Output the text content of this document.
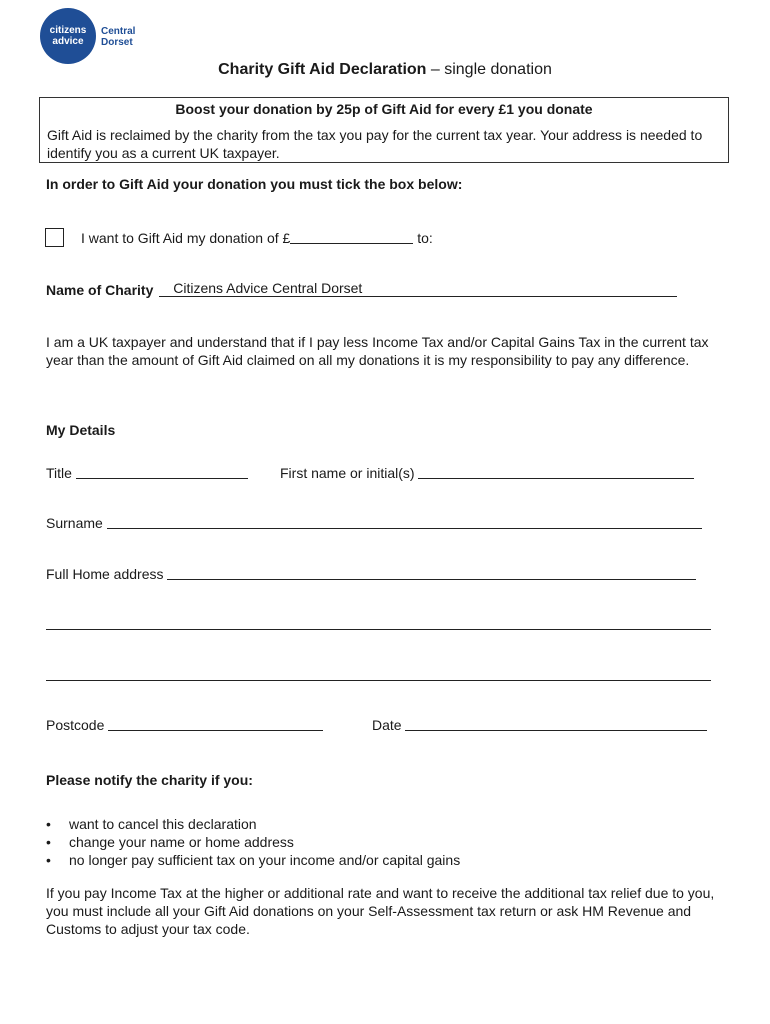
citizens
advice
Central
Dorset
Charity Gift Aid Declaration – single donation
Boost your donation by 25p of Gift Aid for every £1 you donate
Gift Aid is reclaimed by the charity from the tax you pay for the current tax year. Your address is needed to identify you as a current UK taxpayer.
In order to Gift Aid your donation you must tick the box below:
I want to Gift Aid my donation of £	to:
Name of Charity Citizens Advice Central Dorset
I am a UK taxpayer and understand that if I pay less Income Tax and/or Capital Gains Tax in the current tax year than the amount of Gift Aid claimed on all my donations it is my responsibility to pay any difference.
My Details
Title	First name or initial(s)
Surname
Full Home address
Postcode	Date
Please notify the charity if you:
• want to cancel this declaration
• change your name or home address
• no longer pay sufficient tax on your income and/or capital gains
If you pay Income Tax at the higher or additional rate and want to receive the additional tax relief due to you, you must include all your Gift Aid donations on your Self-Assessment tax return or ask HM Revenue and Customs to adjust your tax code.
